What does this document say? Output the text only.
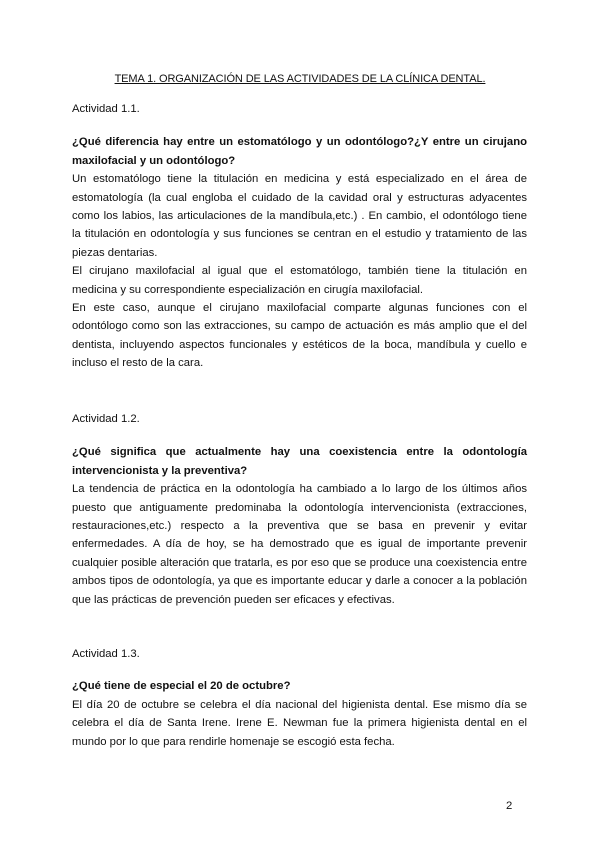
TEMA 1. ORGANIZACIÓN DE LAS ACTIVIDADES DE LA CLÍNICA DENTAL.

Actividad 1.1.

¿Qué diferencia hay entre un estomatólogo y un odontólogo?¿Y entre un cirujano maxilofacial y un odontólogo?

Un estomatólogo tiene la titulación en medicina y está especializado en el área de estomatología (la cual engloba el cuidado de la cavidad oral y estructuras adyacentes como los labios, las articulaciones de la mandíbula,etc.) . En cambio, el odontólogo tiene la titulación en odontología y sus funciones se centran en el estudio y tratamiento de las piezas dentarias.

El cirujano maxilofacial al igual que el estomatólogo, también tiene la titulación en medicina y su correspondiente especialización en cirugía maxilofacial.

En este caso, aunque el cirujano maxilofacial comparte algunas funciones con el odontólogo como son las extracciones, su campo de actuación es más amplio que el del dentista, incluyendo aspectos funcionales y estéticos de la boca, mandíbula y cuello e incluso el resto de la cara.

Actividad 1.2.

¿Qué significa que actualmente hay una coexistencia entre la odontología intervencionista y la preventiva?

La tendencia de práctica en la odontología ha cambiado a lo largo de los últimos años puesto que antiguamente predominaba la odontología intervencionista (extracciones, restauraciones,etc.) respecto a la preventiva que se basa en prevenir y evitar enfermedades. A día de hoy, se ha demostrado que es igual de importante prevenir cualquier posible alteración que tratarla, es por eso que se produce una coexistencia entre ambos tipos de odontología, ya que es importante educar y darle a conocer a la población que las prácticas de prevención pueden ser eficaces y efectivas.

Actividad 1.3.

¿Qué tiene de especial el 20 de octubre?

El día 20 de octubre se celebra el día nacional del higienista dental. Ese mismo día se celebra el día de Santa Irene. Irene E. Newman fue la primera higienista dental en el mundo por lo que para rendirle homenaje se escogió esta fecha.

2
